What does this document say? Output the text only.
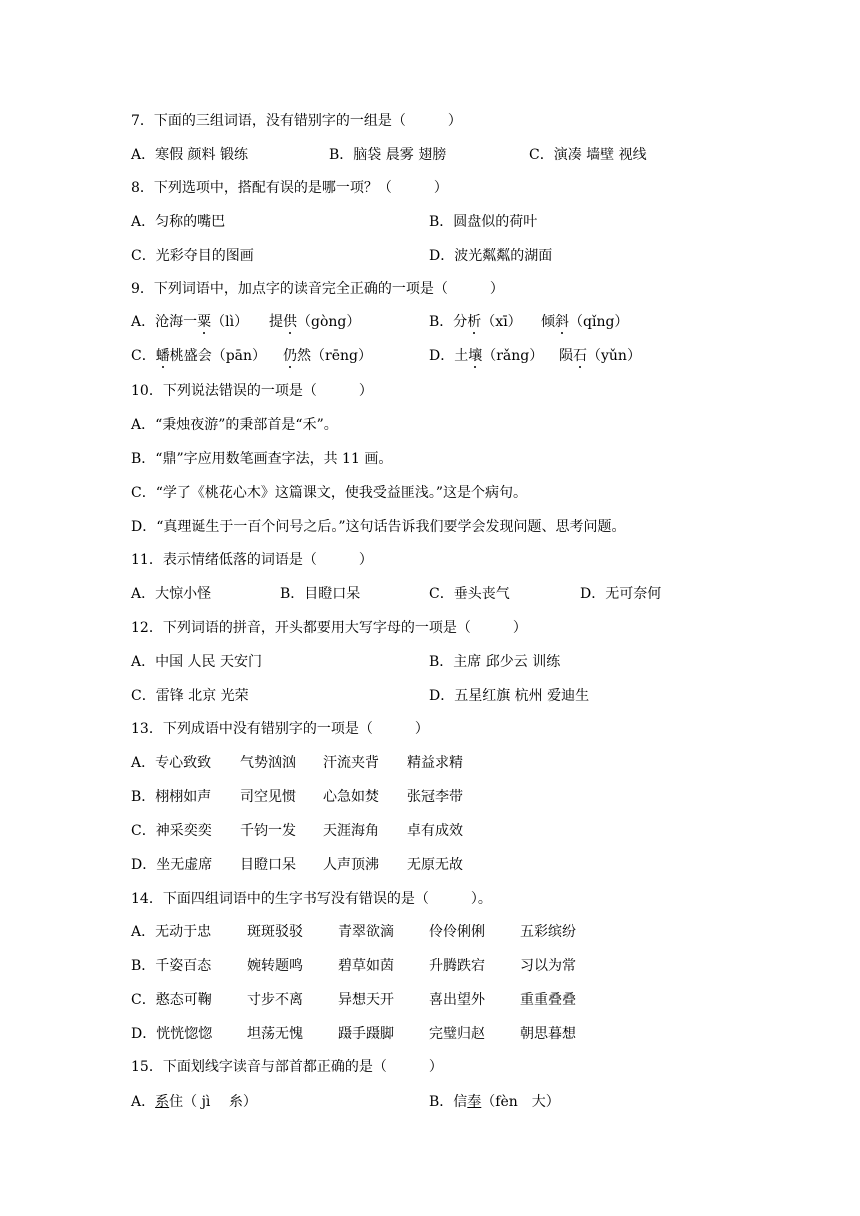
7．下面的三组词语，没有错别字的一组是（　　　）
A．寒假 颜料 锻练	B．脑袋 晨雾 翅膀	C．演凑 墙壁 视线
8．下列选项中，搭配有误的是哪一项？（　　　）
A．匀称的嘴巴	B．圆盘似的荷叶
C．光彩夺目的图画	D．波光粼粼的湖面
9．下列词语中，加点字的读音完全正确的一项是（　　　）
A．沧海一粟（lì） 提供（gòng）	B．分析（xī） 倾斜（qǐng）
C．蟠桃盛会（pān） 仍然（rēng）	D．土壤（rǎng） 陨石（yǔn）
10．下列说法错误的一项是（　　　）
A．“秉烛夜游”的秉部首是“禾”。
B．“鼎”字应用数笔画查字法，共 11 画。
C．“学了《桃花心木》这篇课文，使我受益匪浅。”这是个病句。
D．“真理诞生于一百个问号之后。”这句话告诉我们要学会发现问题、思考问题。
11．表示情绪低落的词语是（　　　）
A．大惊小怪	B．目瞪口呆	C．垂头丧气	D．无可奈何
12．下列词语的拼音，开头都要用大写字母的一项是（　　　）
A．中国 人民 天安门	B．主席 邱少云 训练
C．雷锋 北京 光荣	D．五星红旗 杭州 爱迪生
13．下列成语中没有错别字的一项是（　　　）
A．专心致致 气势汹汹 汗流夹背 精益求精
B．栩栩如声 司空见惯 心急如焚 张冠李带
C．神采奕奕 千钧一发 天涯海角 卓有成效
D．坐无虚席 目瞪口呆 人声顶沸 无原无故
14．下面四组词语中的生字书写没有错误的是（　　　）。
A．无动于忠	斑斑驳驳	青翠欲滴	伶伶俐俐	五彩缤纷
B．千姿百态	婉转题鸣	碧草如茵	升腾跌宕	习以为常
C．憨态可鞠	寸步不离	异想天开	喜出望外	重重叠叠
D．恍恍惚惚 坦荡无愧	蹑手蹑脚	完璧归赵	朝思暮想
15．下面划线字读音与部首都正确的是（　　　）
A．系住（ jì　 糸）	B．信奉（fèn　大）
